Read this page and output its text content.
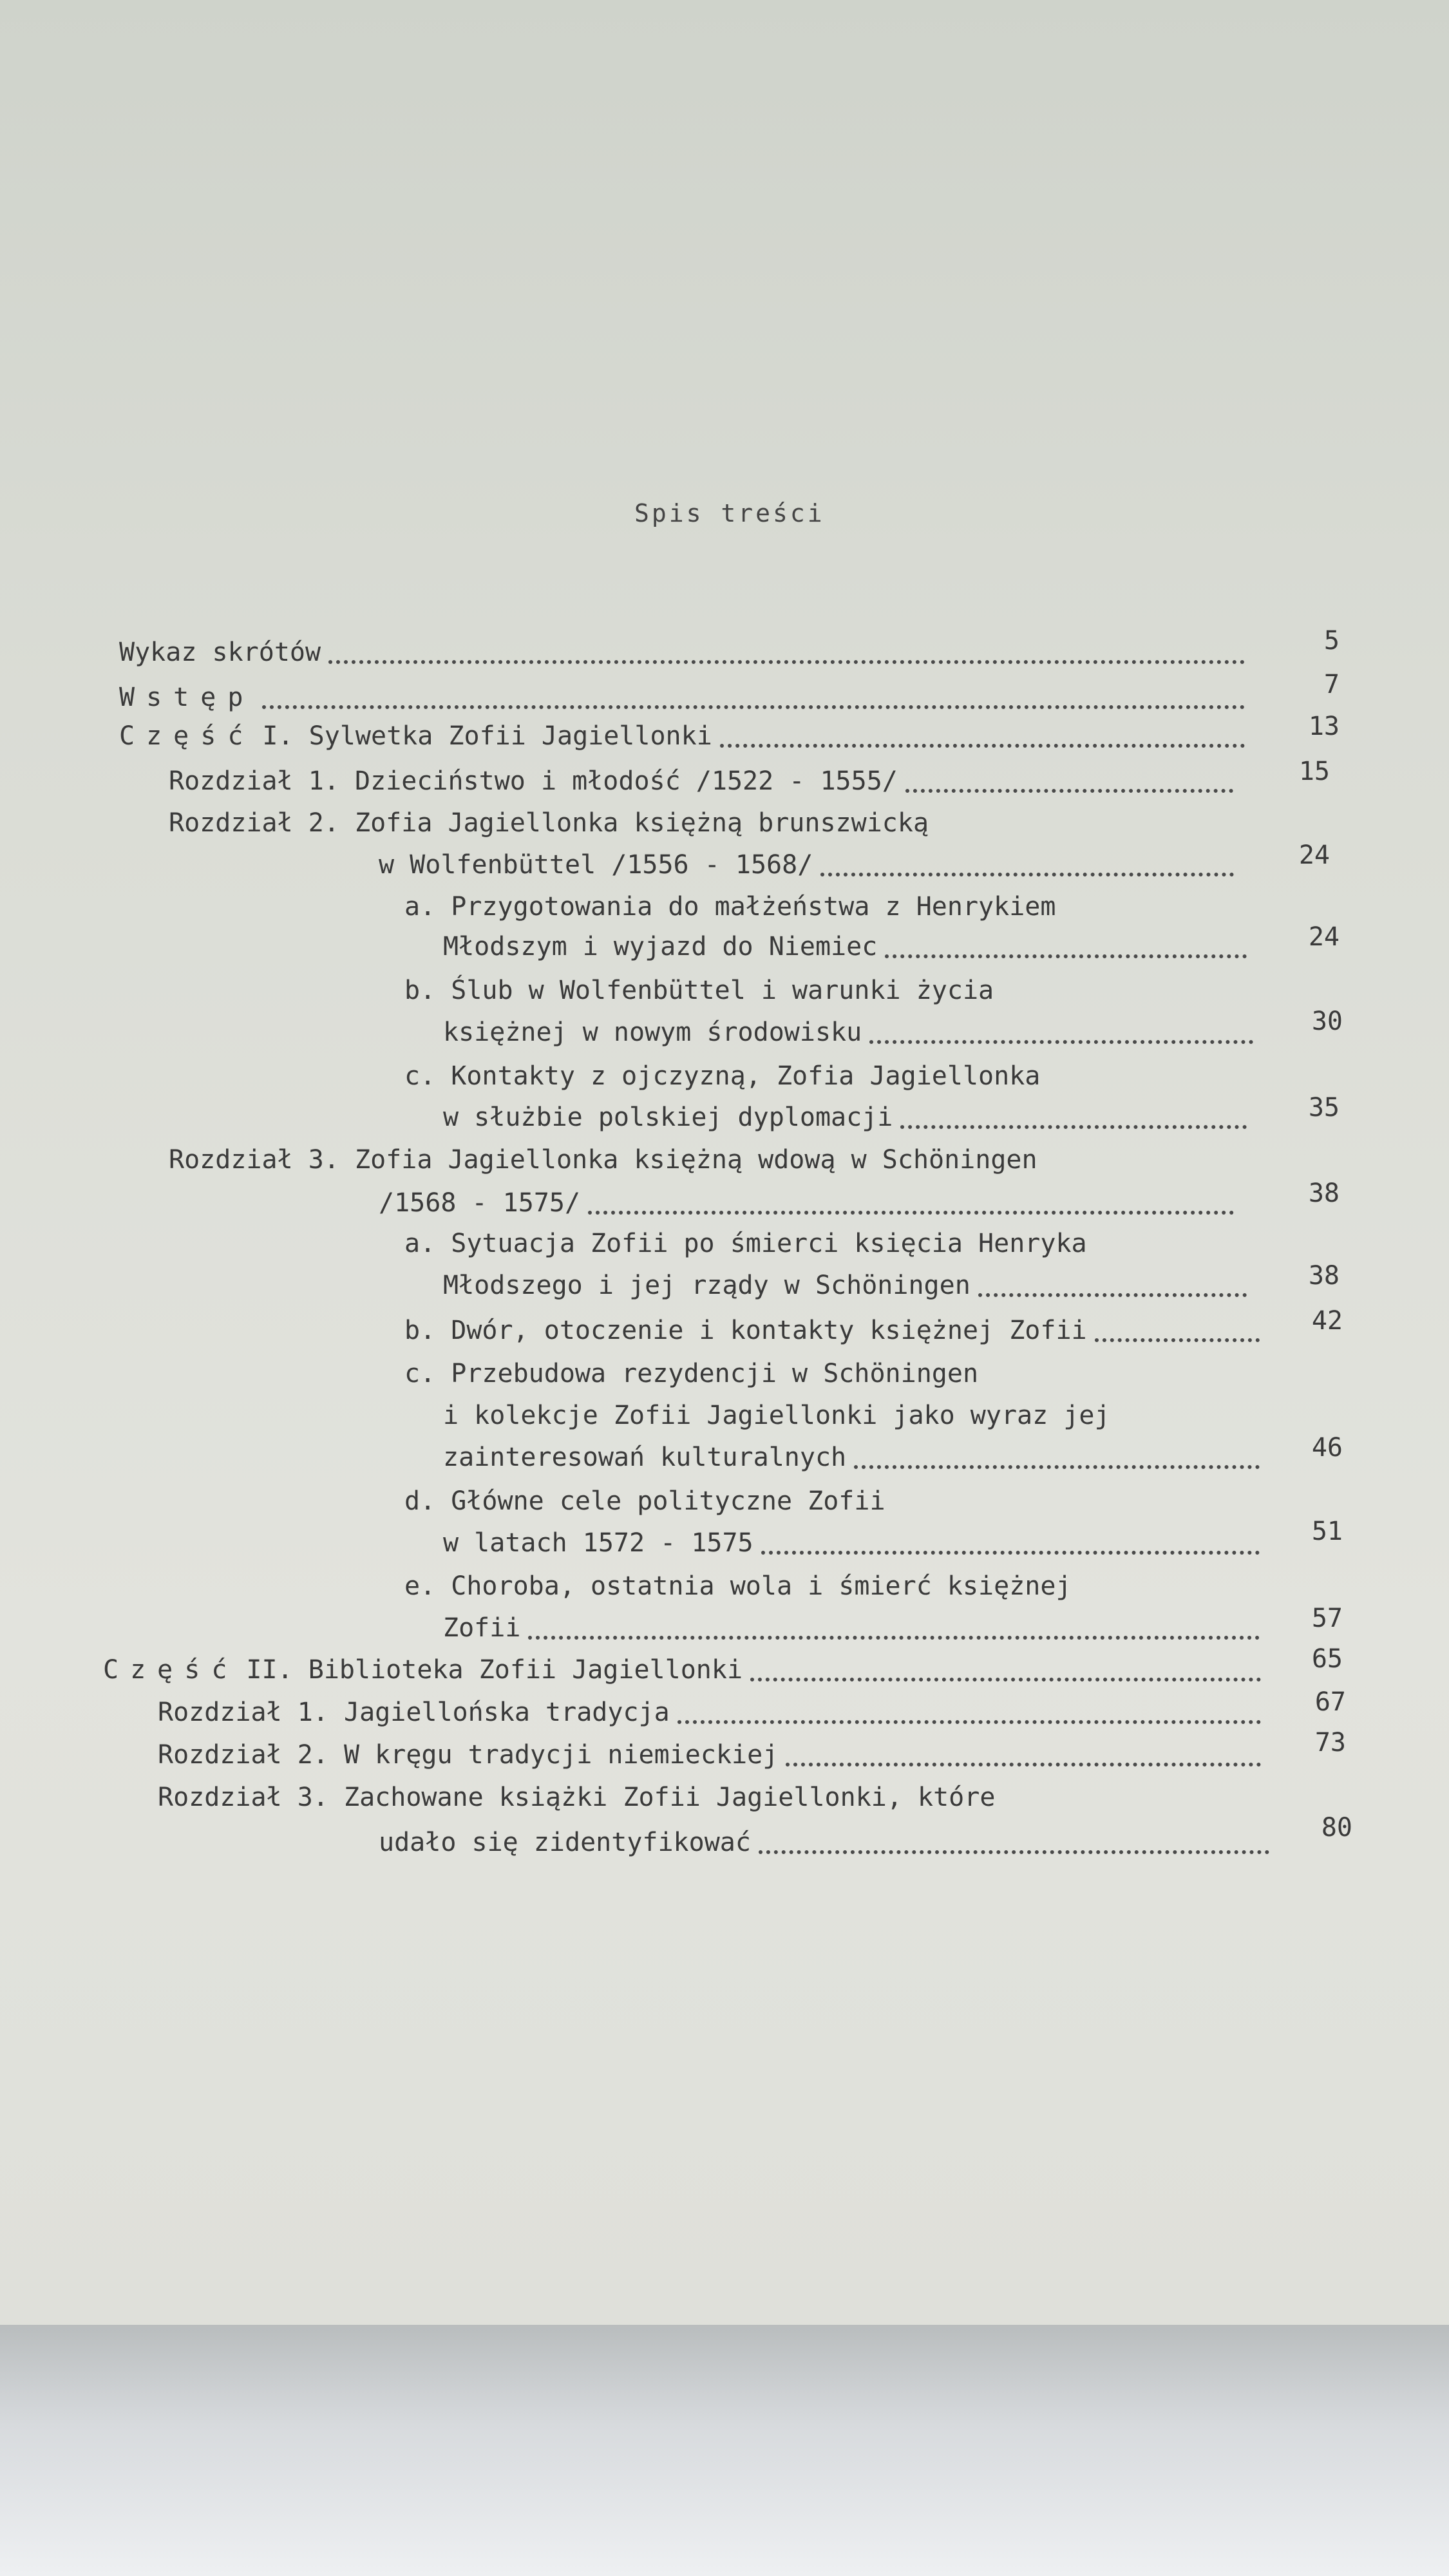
Spis treści
Wykaz skrótów	5
Wstęp	7
Część I. Sylwetka Zofii Jagiellonki	13
Rozdział 1. Dzieciństwo i młodość /1522 - 1555/	15
Rozdział 2. Zofia Jagiellonka księżną brunszwicką
w Wolfenbüttel /1556 - 1568/	24
a. Przygotowania do małżeństwa z Henrykiem
Młodszym i wyjazd do Niemiec	24
b. Ślub w Wolfenbüttel i warunki życia
księżnej w nowym środowisku	30
c. Kontakty z ojczyzną, Zofia Jagiellonka
w służbie polskiej dyplomacji	35
Rozdział 3. Zofia Jagiellonka księżną wdową w Schöningen
/1568 - 1575/	38
a. Sytuacja Zofii po śmierci księcia Henryka
Młodszego i jej rządy w Schöningen	38
b. Dwór, otoczenie i kontakty księżnej Zofii	42
c. Przebudowa rezydencji w Schöningen
i kolekcje Zofii Jagiellonki jako wyraz jej
zainteresowań kulturalnych	46
d. Główne cele polityczne Zofii
w latach 1572 - 1575	51
e. Choroba, ostatnia wola i śmierć księżnej
Zofii	57
Część II. Biblioteka Zofii Jagiellonki	65
Rozdział 1. Jagiellońska tradycja	67
Rozdział 2. W kręgu tradycji niemieckiej	73
Rozdział 3. Zachowane książki Zofii Jagiellonki, które
udało się zidentyfikować	80
